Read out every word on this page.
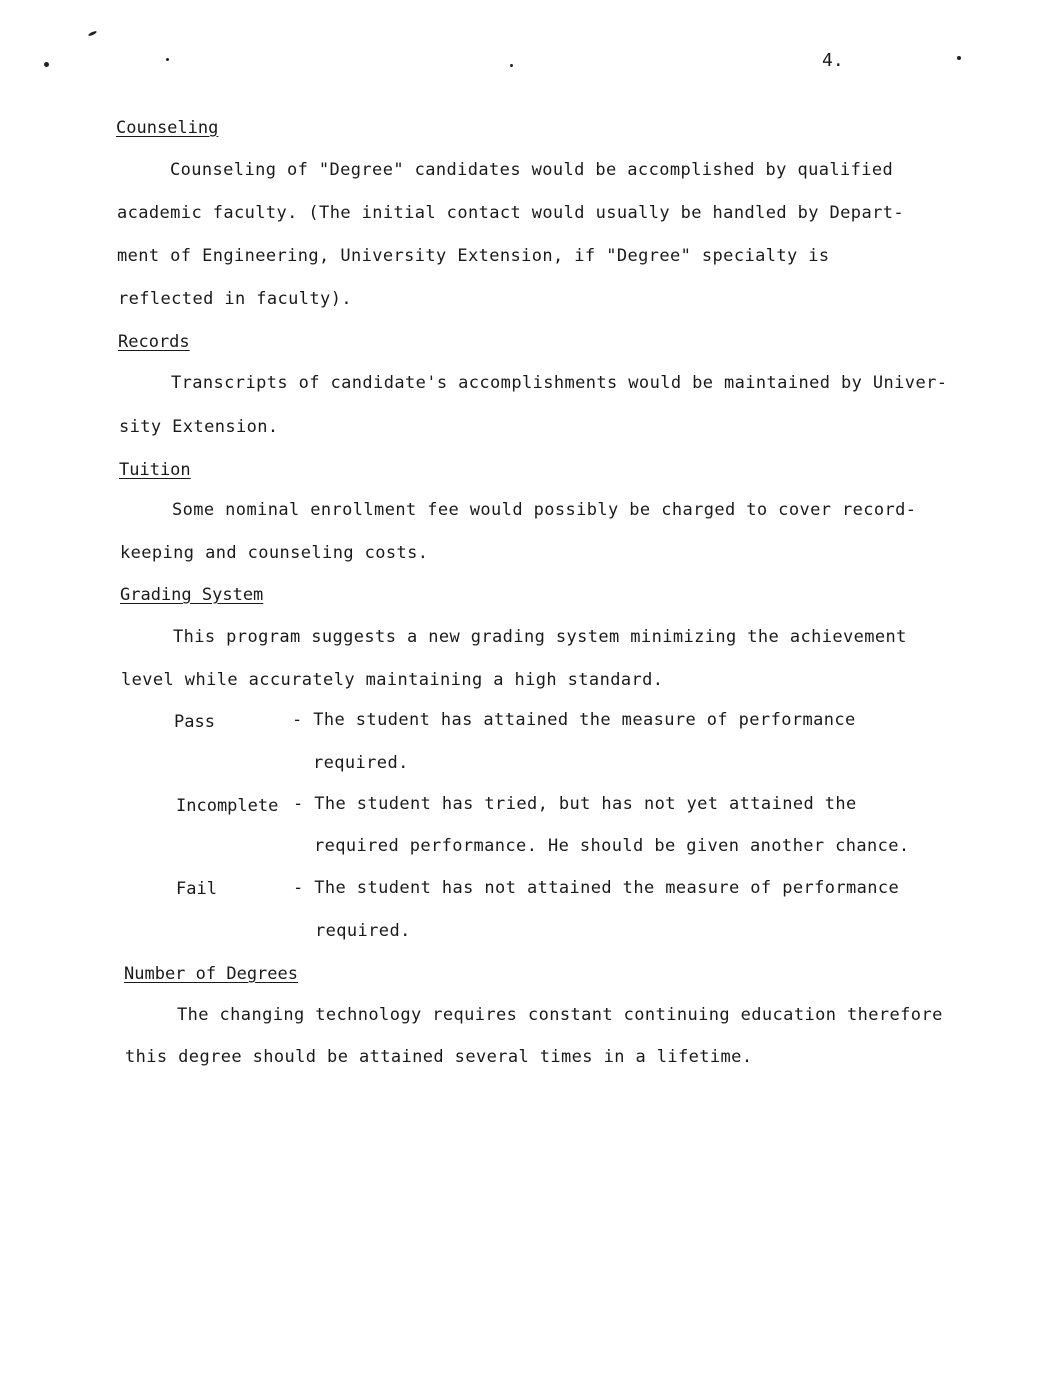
4.
Counseling
Counseling of "Degree" candidates would be accomplished by qualified
academic faculty. (The initial contact would usually be handled by Depart-
ment of Engineering, University Extension, if "Degree" specialty is
reflected in faculty).
Records
Transcripts of candidate's accomplishments would be maintained by Univer-
sity Extension.
Tuition
Some nominal enrollment fee would possibly be charged to cover record-
keeping and counseling costs.
Grading System
This program suggests a new grading system minimizing the achievement
level while accurately maintaining a high standard.
Pass	- The student has attained the measure of performance
required.
Incomplete - The student has tried, but has not yet attained the
required performance. He should be given another chance.
Fail	- The student has not attained the measure of performance
required.
Number of Degrees
The changing technology requires constant continuing education therefore
this degree should be attained several times in a lifetime.
